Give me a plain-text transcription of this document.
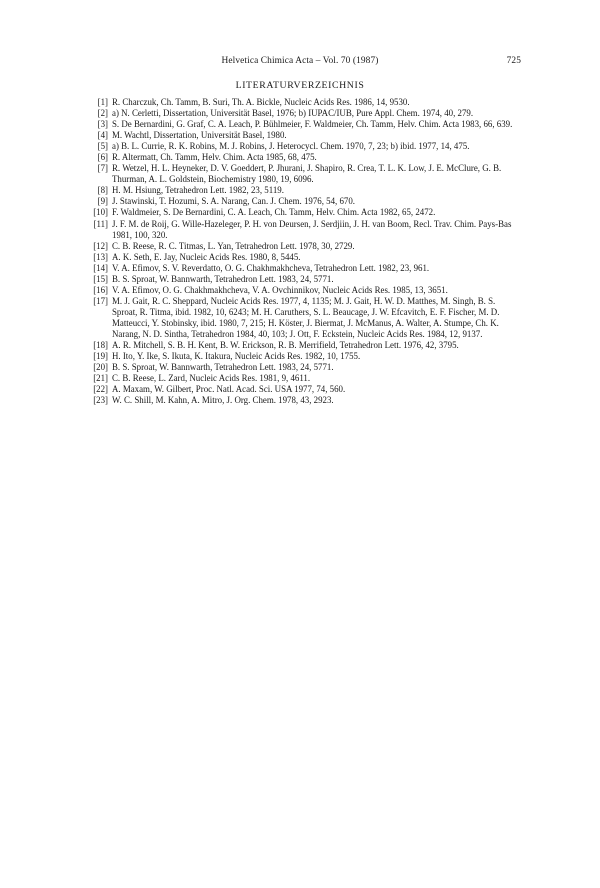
Helvetica Chimica Acta – Vol. 70 (1987)	725
LITERATURVERZEICHNIS
[1] R. Charczuk, Ch. Tamm, B. Suri, Th. A. Bickle, Nucleic Acids Res. 1986, 14, 9530.
[2] a) N. Cerletti, Dissertation, Universität Basel, 1976; b) IUPAC/IUB, Pure Appl. Chem. 1974, 40, 279.
[3] S. De Bernardini, G. Graf, C. A. Leach, P. Bühlmeier, F. Waldmeier, Ch. Tamm, Helv. Chim. Acta 1983, 66, 639.
[4] M. Wachtl, Dissertation, Universität Basel, 1980.
[5] a) B. L. Currie, R. K. Robins, M. J. Robins, J. Heterocycl. Chem. 1970, 7, 23; b) ibid. 1977, 14, 475.
[6] R. Altermatt, Ch. Tamm, Helv. Chim. Acta 1985, 68, 475.
[7] R. Wetzel, H. L. Heyneker, D. V. Goeddert, P. Jhurani, J. Shapiro, R. Crea, T. L. K. Low, J. E. McClure, G. B. Thurman, A. L. Goldstein, Biochemistry 1980, 19, 6096.
[8] H. M. Hsiung, Tetrahedron Lett. 1982, 23, 5119.
[9] J. Stawinski, T. Hozumi, S. A. Narang, Can. J. Chem. 1976, 54, 670.
[10] F. Waldmeier, S. De Bernardini, C. A. Leach, Ch. Tamm, Helv. Chim. Acta 1982, 65, 2472.
[11] J. F. M. de Roij, G. Wille-Hazeleger, P. H. von Deursen, J. Serdjiin, J. H. van Boom, Recl. Trav. Chim. Pays-Bas 1981, 100, 320.
[12] C. B. Reese, R. C. Titmas, L. Yan, Tetrahedron Lett. 1978, 30, 2729.
[13] A. K. Seth, E. Jay, Nucleic Acids Res. 1980, 8, 5445.
[14] V. A. Efimov, S. V. Reverdatto, O. G. Chakhmakhcheva, Tetrahedron Lett. 1982, 23, 961.
[15] B. S. Sproat, W. Bannwarth, Tetrahedron Lett. 1983, 24, 5771.
[16] V. A. Efimov, O. G. Chakhmakhcheva, V. A. Ovchinnikov, Nucleic Acids Res. 1985, 13, 3651.
[17] M. J. Gait, R. C. Sheppard, Nucleic Acids Res. 1977, 4, 1135; M. J. Gait, H. W. D. Matthes, M. Singh, B. S. Sproat, R. Titma, ibid. 1982, 10, 6243; M. H. Caruthers, S. L. Beaucage, J. W. Efcavitch, E. F. Fischer, M. D. Matteucci, Y. Stobinsky, ibid. 1980, 7, 215; H. Köster, J. Biermat, J. McManus, A. Walter, A. Stumpe, Ch. K. Narang, N. D. Sintha, Tetrahedron 1984, 40, 103; J. Ott, F. Eckstein, Nucleic Acids Res. 1984, 12, 9137.
[18] A. R. Mitchell, S. B. H. Kent, B. W. Erickson, R. B. Merrifield, Tetrahedron Lett. 1976, 42, 3795.
[19] H. Ito, Y. Ike, S. Ikuta, K. Itakura, Nucleic Acids Res. 1982, 10, 1755.
[20] B. S. Sproat, W. Bannwarth, Tetrahedron Lett. 1983, 24, 5771.
[21] C. B. Reese, L. Zard, Nucleic Acids Res. 1981, 9, 4611.
[22] A. Maxam, W. Gilbert, Proc. Natl. Acad. Sci. USA 1977, 74, 560.
[23] W. C. Shill, M. Kahn, A. Mitro, J. Org. Chem. 1978, 43, 2923.
